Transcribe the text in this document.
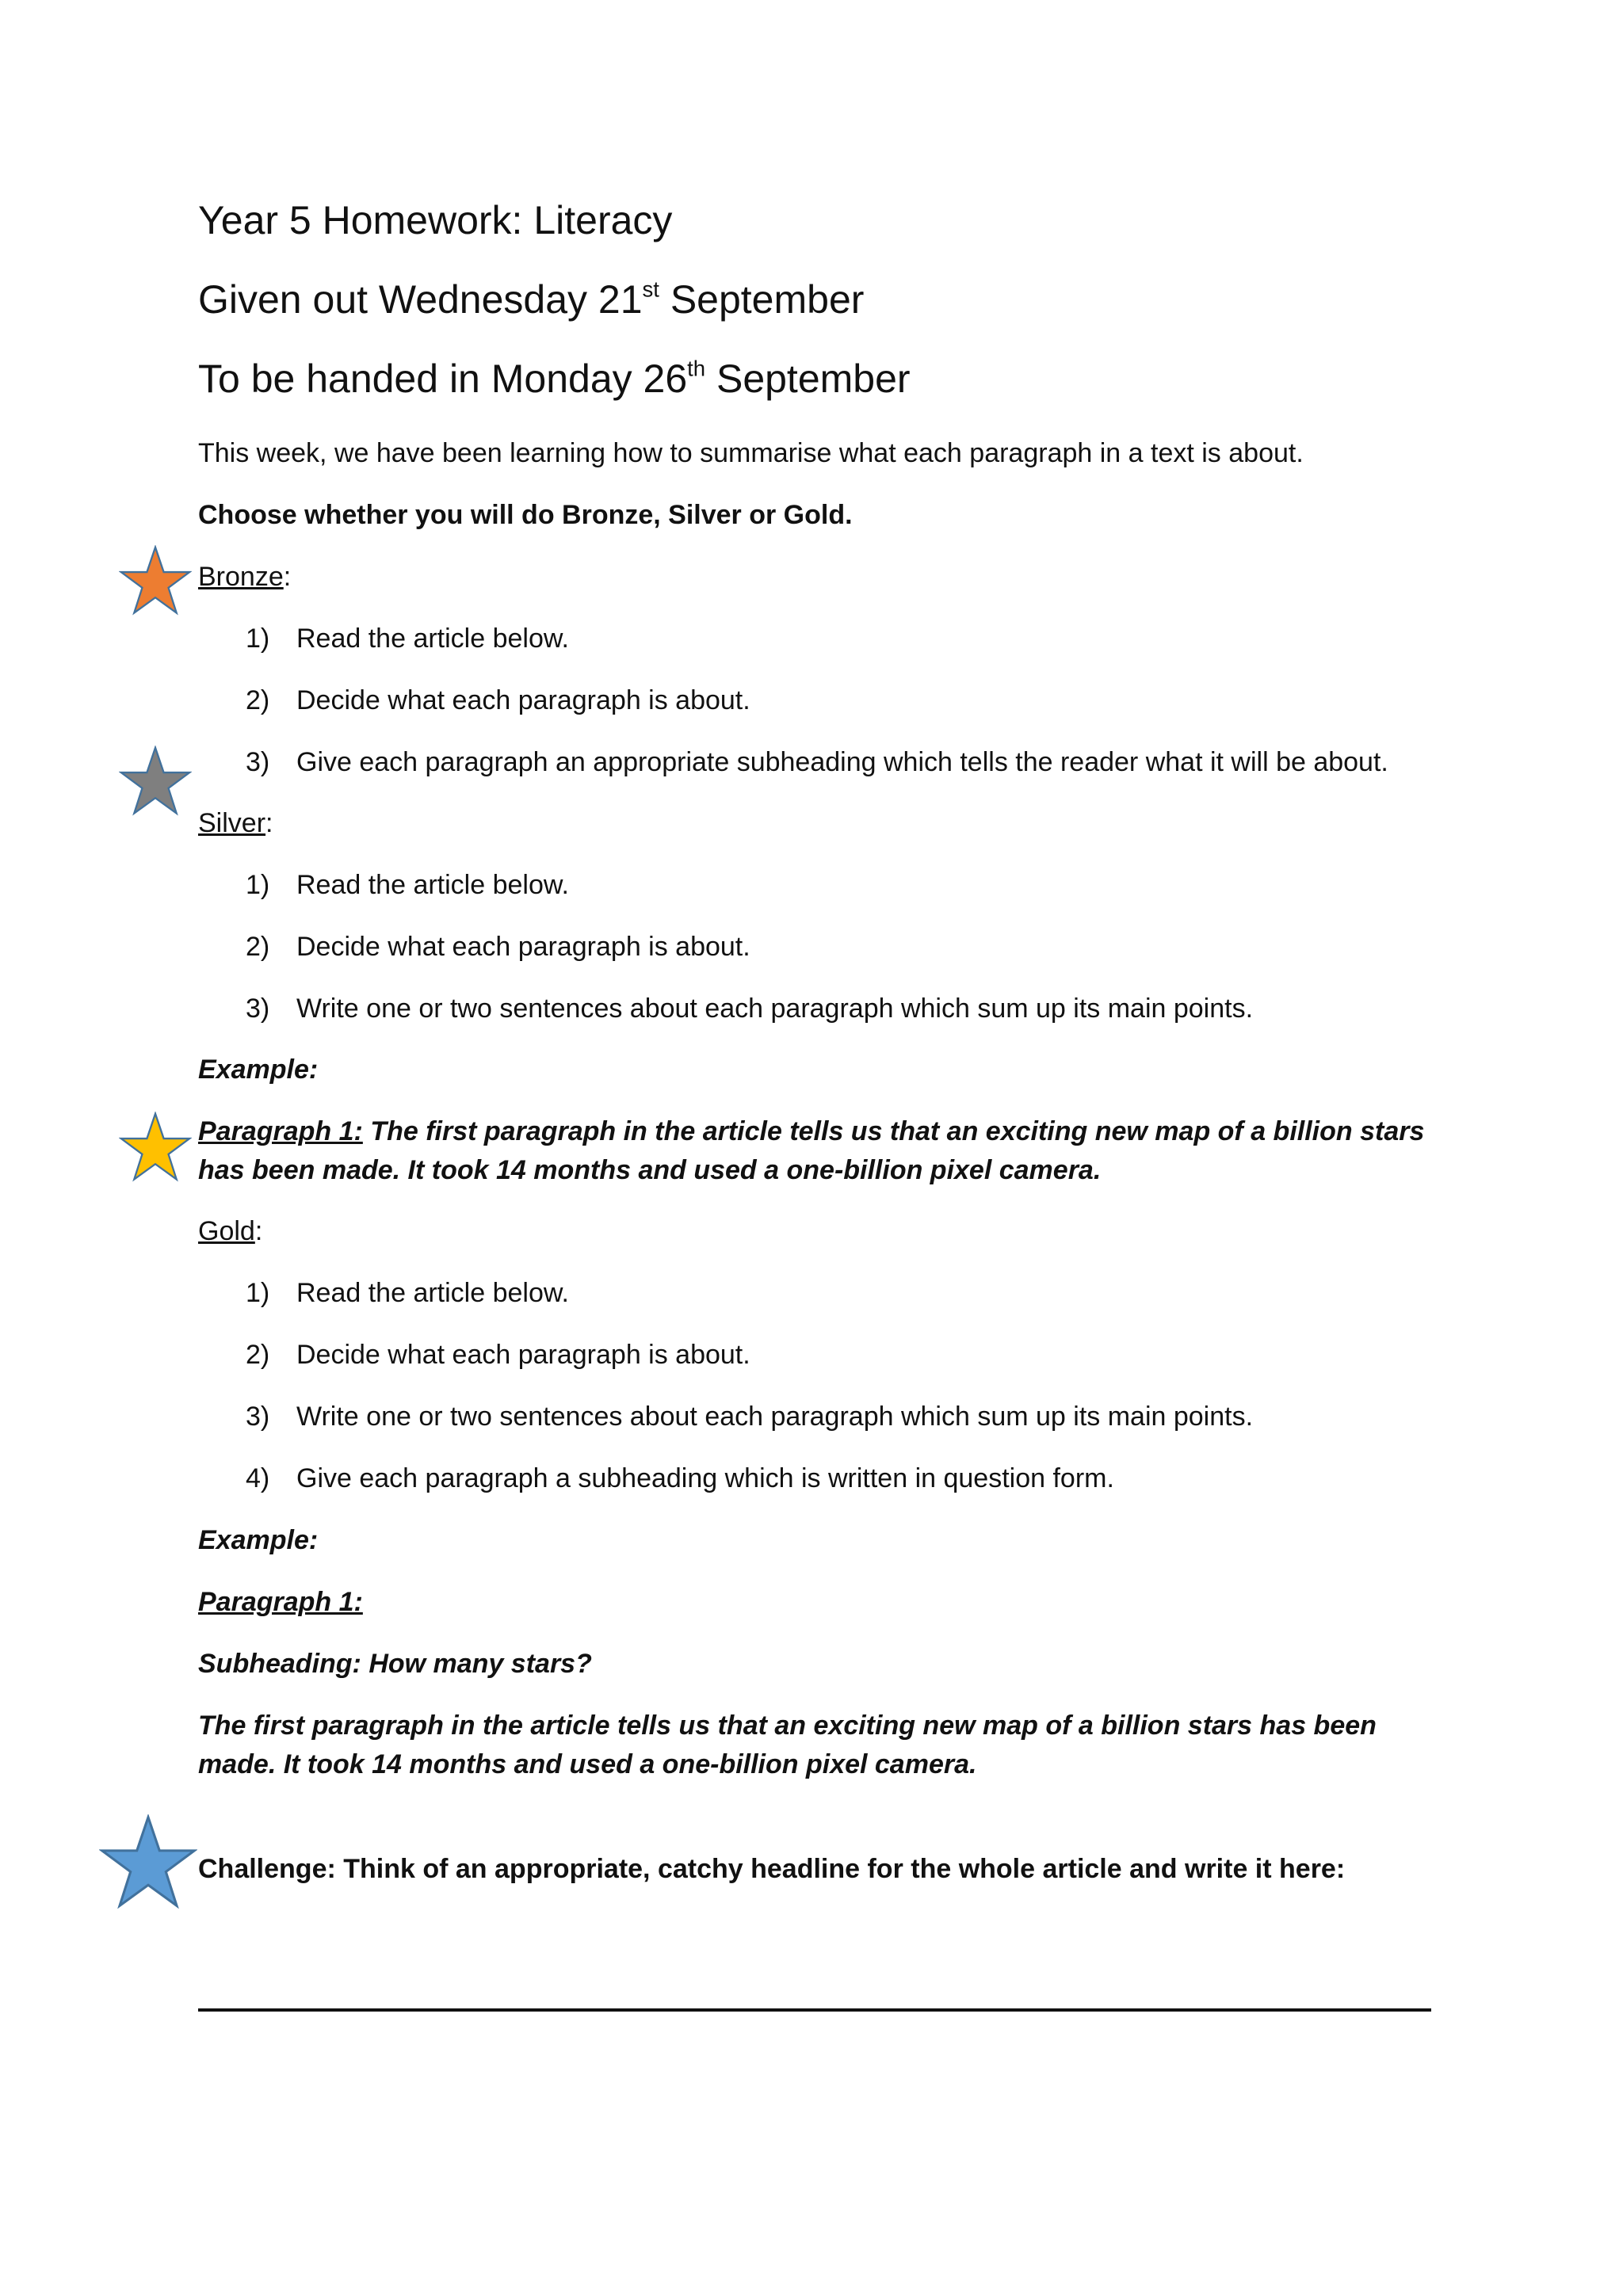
Year 5 Homework: Literacy
Given out Wednesday 21st September
To be handed in Monday 26th September
This week, we have been learning how to summarise what each paragraph in a text is about.
Choose whether you will do Bronze, Silver or Gold.
Bronze:
1) Read the article below.
2) Decide what each paragraph is about.
3) Give each paragraph an appropriate subheading which tells the reader what it will be about.
Silver:
1) Read the article below.
2) Decide what each paragraph is about.
3) Write one or two sentences about each paragraph which sum up its main points.
Example:
Paragraph 1: The first paragraph in the article tells us that an exciting new map of a billion stars
has been made. It took 14 months and used a one-billion pixel camera.
Gold:
1) Read the article below.
2) Decide what each paragraph is about.
3) Write one or two sentences about each paragraph which sum up its main points.
4) Give each paragraph a subheading which is written in question form.
Example:
Paragraph 1:
Subheading: How many stars?
The first paragraph in the article tells us that an exciting new map of a billion stars has been
made. It took 14 months and used a one-billion pixel camera.
Challenge: Think of an appropriate, catchy headline for the whole article and write it here:
